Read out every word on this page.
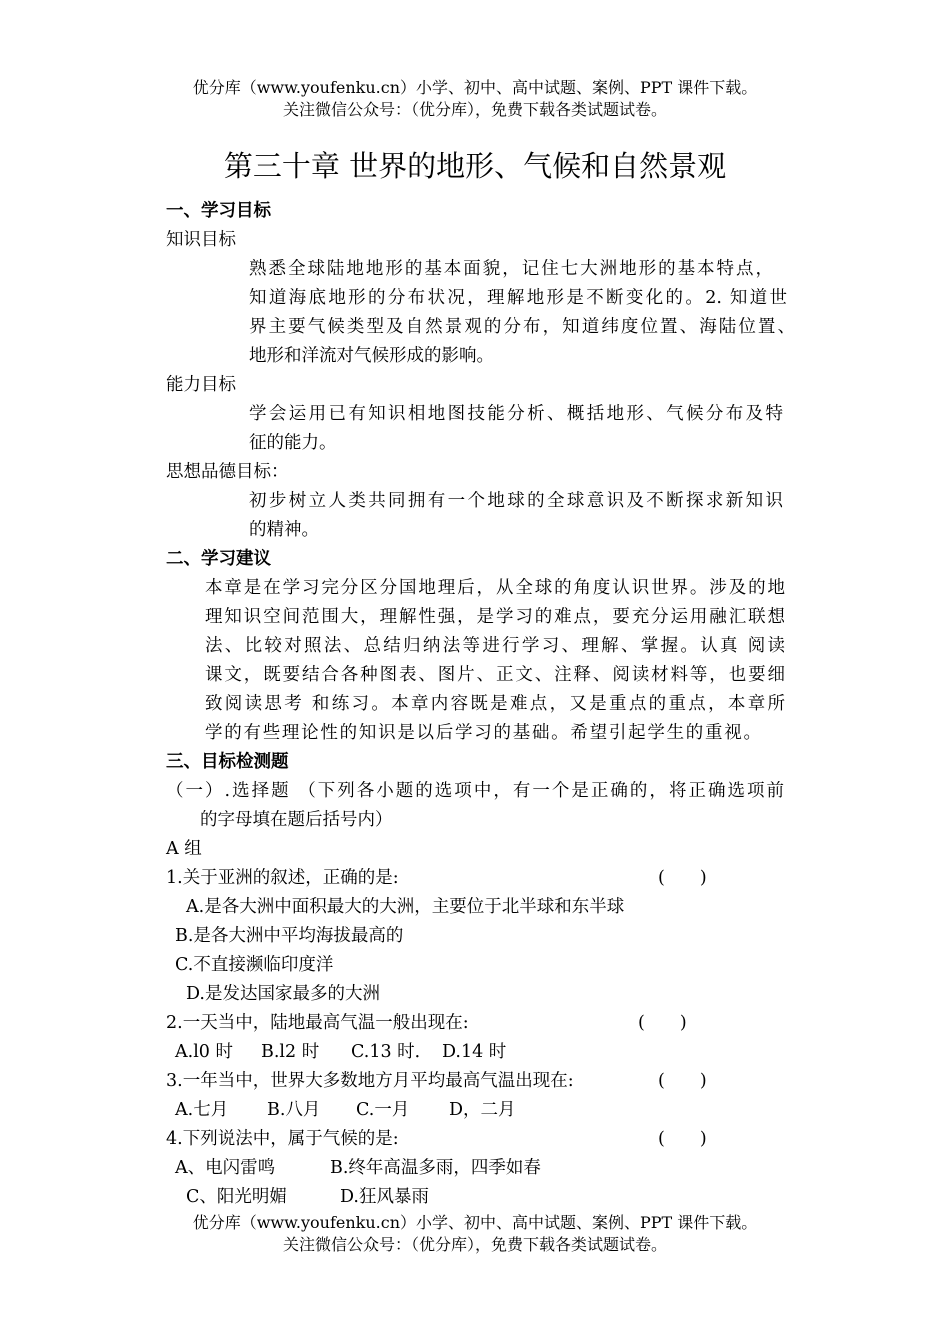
优分库（www.youfenku.cn）小学、初中、高中试题、案例、PPT 课件下载。
关注微信公众号：（优分库），免费下载各类试题试卷。
第三十章 世界的地形、气候和自然景观
一、学习目标
知识目标
熟悉全球陆地地形的基本面貌，记住七大洲地形的基本特点，
知道海底地形的分布状况，理解地形是不断变化的。2. 知道世
界主要气候类型及自然景观的分布，知道纬度位置、海陆位置、
地形和洋流对气候形成的影响。
能力目标
学会运用已有知识相地图技能分析、概括地形、气候分布及特
征的能力。
思想品德目标：
初步树立人类共同拥有一个地球的全球意识及不断探求新知识
的精神。
二、学习建议
本章是在学习完分区分国地理后，从全球的角度认识世界。涉及的地
理知识空间范围大，理解性强，是学习的难点，要充分运用融汇联想
法、比较对照法、总结归纳法等进行学习、理解、掌握。认真 阅读
课文，既要结合各种图表、图片、正文、注释、阅读材料等，也要细
致阅读思考 和练习。本章内容既是难点，又是重点的重点，本章所
学的有些理论性的知识是以后学习的基础。希望引起学生的重视。
三、目标检测题
（一）.选择题 （下列各小题的选项中，有一个是正确的，将正确选项前
的字母填在题后括号内）
A 组
1.关于亚洲的叙述，正确的是:	(　　)
A.是各大洲中面积最大的大洲，主要位于北半球和东半球
B.是各大洲中平均海拔最高的
C.不直接濒临印度洋
D.是发达国家最多的大洲
2.一天当中，陆地最高气温一般出现在:	(　　)
A.l0 时 B.l2 时 C.13 时． D.14 时
3.一年当中，世界大多数地方月平均最高气温出现在:	(　　)
A.七月 B.八月 C.一月 D，二月
4.下列说法中，属于气候的是:	(　　)
A、电闪雷鸣	B.终年高温多雨，四季如春
C、阳光明媚	D.狂风暴雨
优分库（www.youfenku.cn）小学、初中、高中试题、案例、PPT 课件下载。
关注微信公众号：（优分库），免费下载各类试题试卷。
